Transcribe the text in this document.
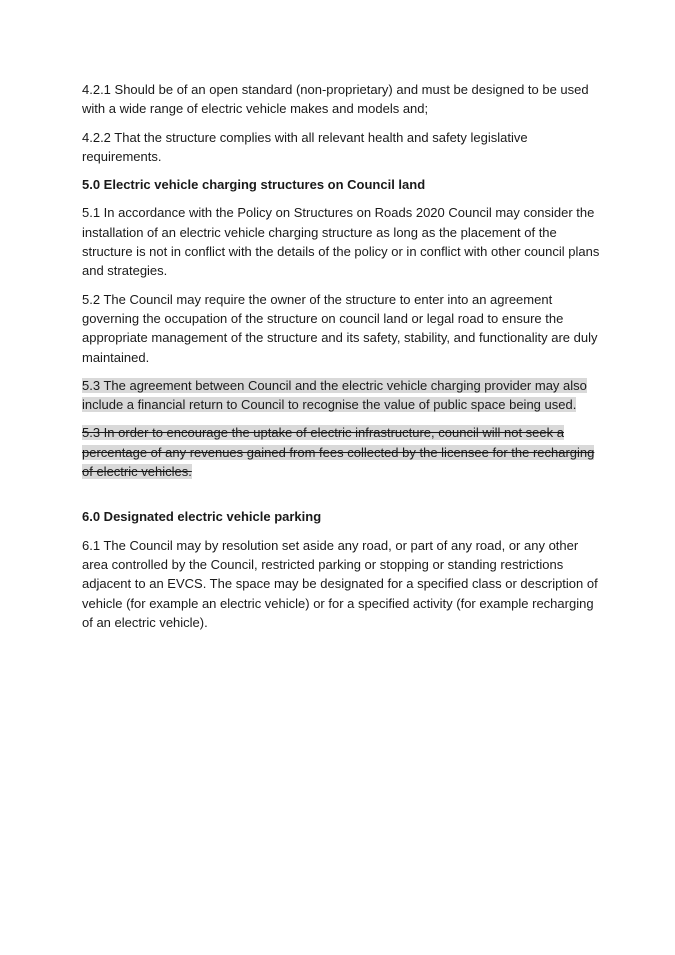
4.2.1 Should be of an open standard (non-proprietary) and must be designed to be used with a wide range of electric vehicle makes and models and;

4.2.2 That the structure complies with all relevant health and safety legislative requirements.

5.0 Electric vehicle charging structures on Council land

5.1 In accordance with the Policy on Structures on Roads 2020 Council may consider the installation of an electric vehicle charging structure as long as the placement of the structure is not in conflict with the details of the policy or in conflict with other council plans and strategies.

5.2 The Council may require the owner of the structure to enter into an agreement governing the occupation of the structure on council land or legal road to ensure the appropriate management of the structure and its safety, stability, and functionality are duly maintained.

5.3 The agreement between Council and the electric vehicle charging provider may also include a financial return to Council to recognise the value of public space being used.

5.3 In order to encourage the uptake of electric infrastructure, council will not seek a percentage of any revenues gained from fees collected by the licensee for the recharging of electric vehicles.

6.0 Designated electric vehicle parking

6.1 The Council may by resolution set aside any road, or part of any road, or any other area controlled by the Council, restricted parking or stopping or standing restrictions adjacent to an EVCS. The space may be designated for a specified class or description of vehicle (for example an electric vehicle) or for a specified activity (for example recharging of an electric vehicle).
